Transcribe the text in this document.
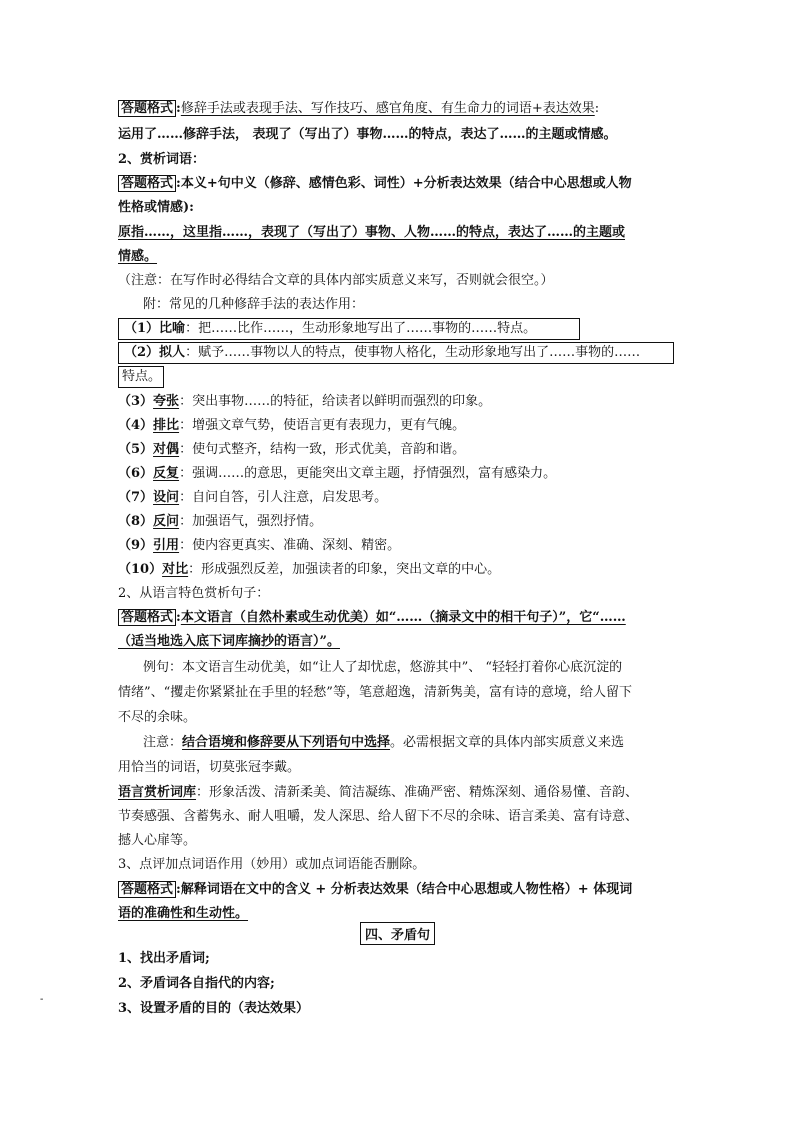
答题格式 :修辞手法或表现手法、写作技巧、感官角度、有生命力的词语+表达效果:
运用了……修辞手法， 表现了（写出了）事物……的特点，表达了……的主题或情感。
2、赏析词语：
答题格式 :本义+句中义（修辞、感情色彩、词性）+分析表达效果（结合中心思想或人物
性格或情感):
原指……，这里指……，表现了（写出了）事物、人物……的特点，表达了……的主题或
情感。
（注意：在写作时必得结合文章的具体内部实质意义来写，否则就会很空。）
附：常见的几种修辞手法的表达作用：
（1）比喻：把……比作……，生动形象地写出了……事物的……特点。
（2）拟人：赋予……事物以人的特点，使事物人格化，生动形象地写出了……事物的……
特点。
（3）夸张：突出事物……的特征，给读者以鲜明而强烈的印象。
（4）排比：增强文章气势，使语言更有表现力，更有气魄。
（5）对偶：使句式整齐，结构一致，形式优美，音韵和谐。
（6）反复：强调……的意思，更能突出文章主题，抒情强烈，富有感染力。
（7）设问：自问自答，引人注意，启发思考。
（8）反问：加强语气，强烈抒情。
（9）引用：使内容更真实、准确、深刻、精密。
（10）对比：形成强烈反差，加强读者的印象，突出文章的中心。
2、从语言特色赏析句子：
答题格式 :本文语言（自然朴素或生动优美）如“……（摘录文中的相干句子）”，它“……
（适当地选入底下词库摘抄的语言）”。
例句：本文语言生动优美，如“让人了却忧虑，悠游其中”、 “轻轻打着你心底沉淀的
情绪”、“攫走你紧紧扯在手里的轻愁”等，笔意超逸，清新隽美，富有诗的意境，给人留下
不尽的余味。
注意：结合语境和修辞要从下列语句中选择。必需根据文章的具体内部实质意义来选
用恰当的词语，切莫张冠李戴。
语言赏析词库：形象活泼、清新柔美、简洁凝练、准确严密、精炼深刻、通俗易懂、音韵、
节奏感强、含蓄隽永、耐人咀嚼，发人深思、给人留下不尽的余味、语言柔美、富有诗意、
撼人心扉等。
3、点评加点词语作用（妙用）或加点词语能否删除。
答题格式 :解释词语在文中的含义 + 分析表达效果（结合中心思想或人物性格）+ 体现词
语的准确性和生动性。
四、矛盾句
1、找出矛盾词;
2、矛盾词各自指代的内容;
3、设置矛盾的目的（表达效果）
-
